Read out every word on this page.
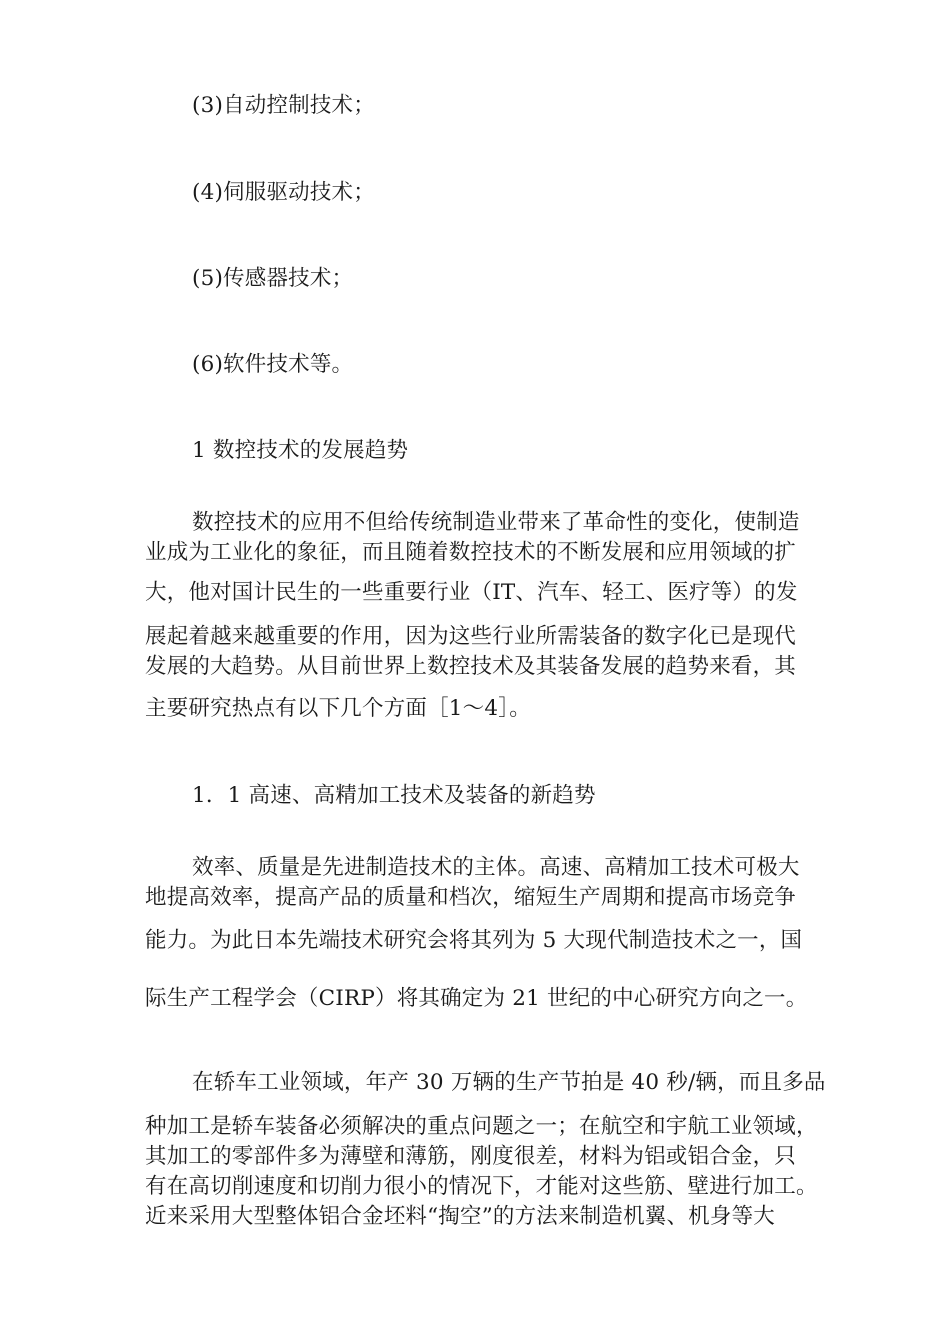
(3)自动控制技术；
(4)伺服驱动技术；
(5)传感器技术；
(6)软件技术等。
1 数控技术的发展趋势
数控技术的应用不但给传统制造业带来了革命性的变化，使制造
业成为工业化的象征，而且随着数控技术的不断发展和应用领域的扩
大，他对国计民生的一些重要行业（IT、汽车、轻工、医疗等）的发
展起着越来越重要的作用，因为这些行业所需装备的数字化已是现代
发展的大趋势。从目前世界上数控技术及其装备发展的趋势来看，其
主要研究热点有以下几个方面［1～4］。
1．1 高速、高精加工技术及装备的新趋势
效率、质量是先进制造技术的主体。高速、高精加工技术可极大
地提高效率，提高产品的质量和档次，缩短生产周期和提高市场竞争
能力。为此日本先端技术研究会将其列为 5 大现代制造技术之一，国
际生产工程学会（CIRP）将其确定为 21 世纪的中心研究方向之一。
在轿车工业领域，年产 30 万辆的生产节拍是 40 秒/辆，而且多品
种加工是轿车装备必须解决的重点问题之一；在航空和宇航工业领域，
其加工的零部件多为薄壁和薄筋，刚度很差，材料为铝或铝合金，只
有在高切削速度和切削力很小的情况下，才能对这些筋、壁进行加工。
近来采用大型整体铝合金坯料“掏空”的方法来制造机翼、机身等大
